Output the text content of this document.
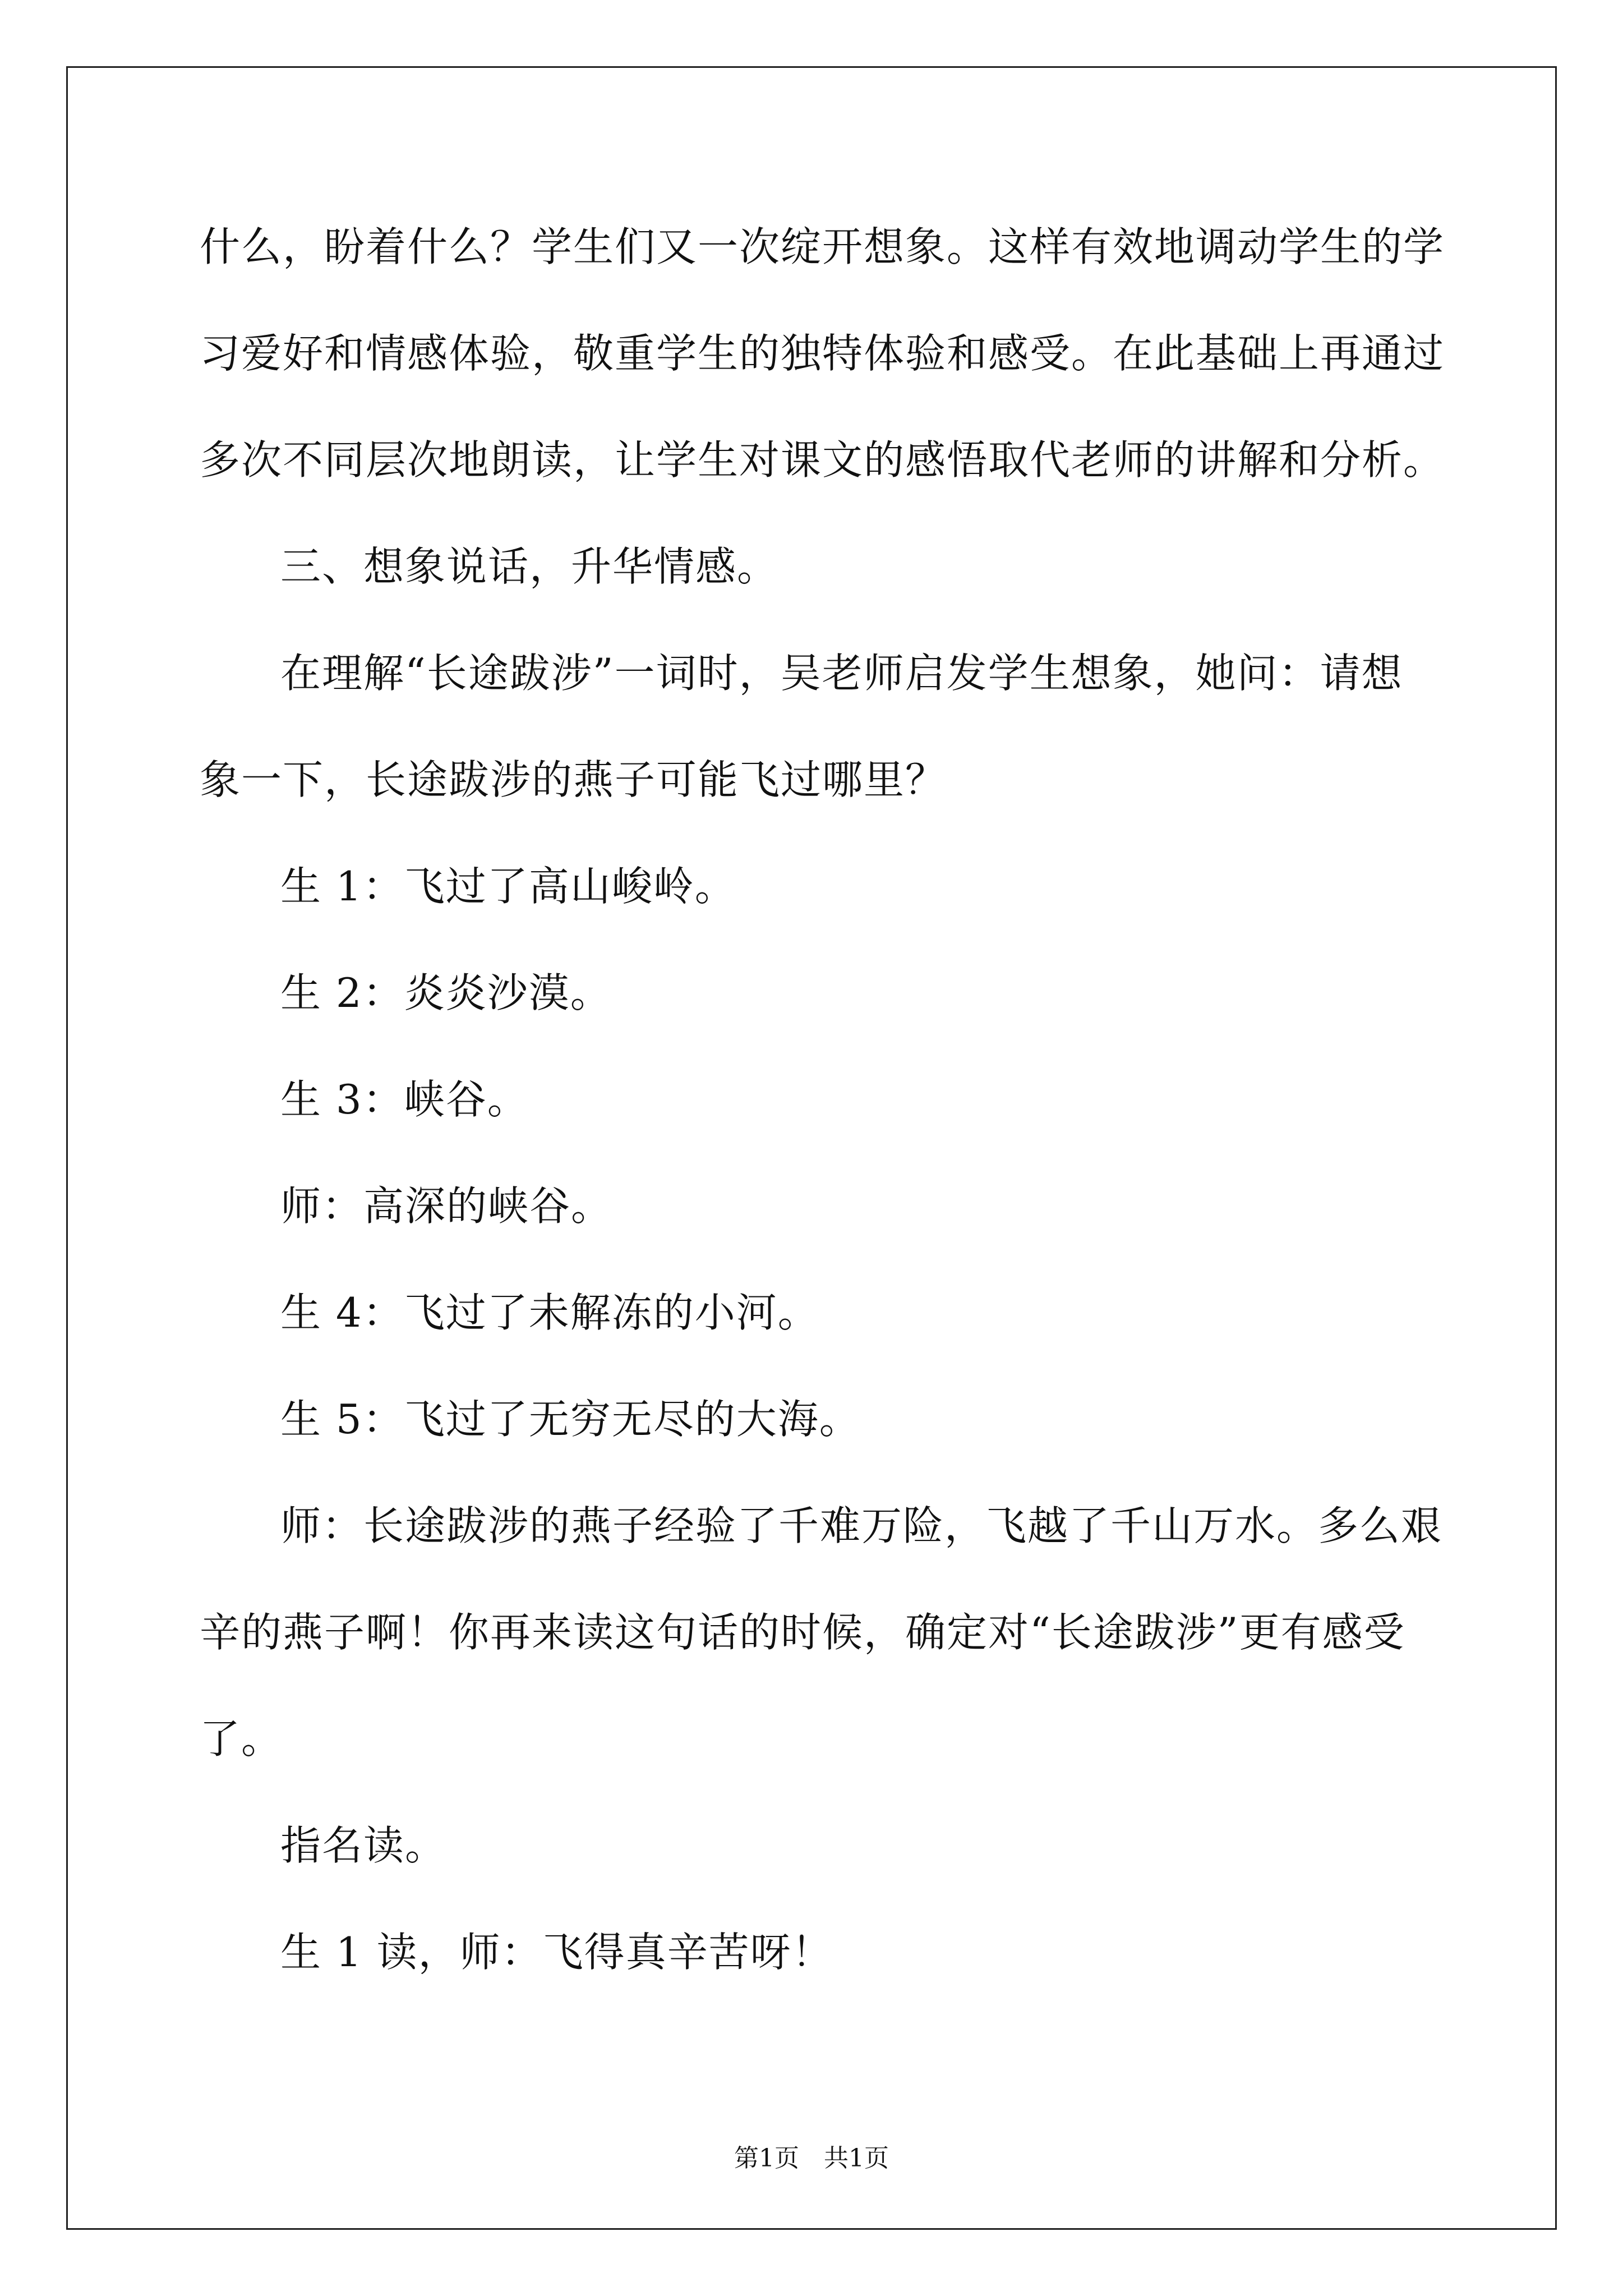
什么，盼着什么？学生们又一次绽开想象。这样有效地调动学生的学
习爱好和情感体验，敬重学生的独特体验和感受。在此基础上再通过
多次不同层次地朗读，让学生对课文的感悟取代老师的讲解和分析。
三、想象说话，升华情感。
在理解“长途跋涉”一词时，吴老师启发学生想象，她问：请想
象一下，长途跋涉的燕子可能飞过哪里？
生 1：飞过了高山峻岭。
生 2：炎炎沙漠。
生 3：峡谷。
师：高深的峡谷。
生 4：飞过了未解冻的小河。
生 5：飞过了无穷无尽的大海。
师：长途跋涉的燕子经验了千难万险，飞越了千山万水。多么艰
辛的燕子啊！你再来读这句话的时候，确定对“长途跋涉”更有感受
了。
指名读。
生 1 读，师：飞得真辛苦呀！
第1页　共1页
